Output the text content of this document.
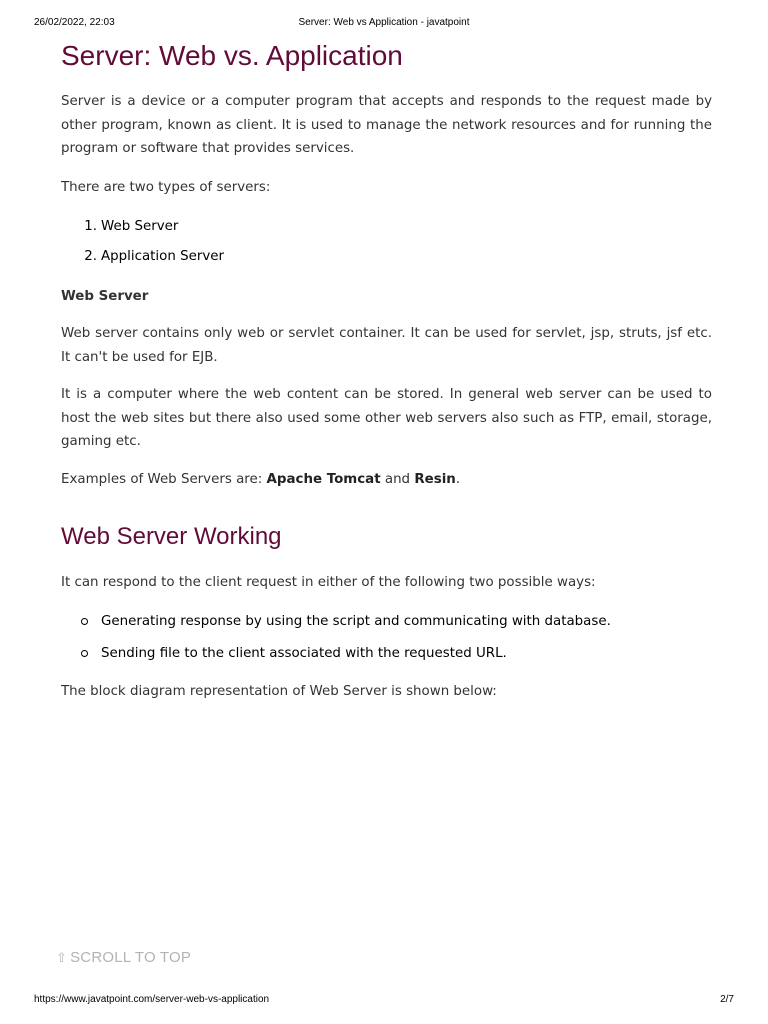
26/02/2022, 22:03	Server: Web vs Application - javatpoint
Server: Web vs. Application

Server is a device or a computer program that accepts and responds to the request made by other program, known as client. It is used to manage the network resources and for running the program or software that provides services.

There are two types of servers:

1. Web Server
2. Application Server
Web Server

Web server contains only web or servlet container. It can be used for servlet, jsp, struts, jsf etc. It can't be used for EJB.

It is a computer where the web content can be stored. In general web server can be used to host the web sites but there also used some other web servers also such as FTP, email, storage, gaming etc.

Examples of Web Servers are: Apache Tomcat and Resin.

Web Server Working

It can respond to the client request in either of the following two possible ways:

Generating response by using the script and communicating with database.
Sending file to the client associated with the requested URL.

The block diagram representation of Web Server is shown below:

⇧ SCROLL TO TOP
https://www.javatpoint.com/server-web-vs-application	2/7
